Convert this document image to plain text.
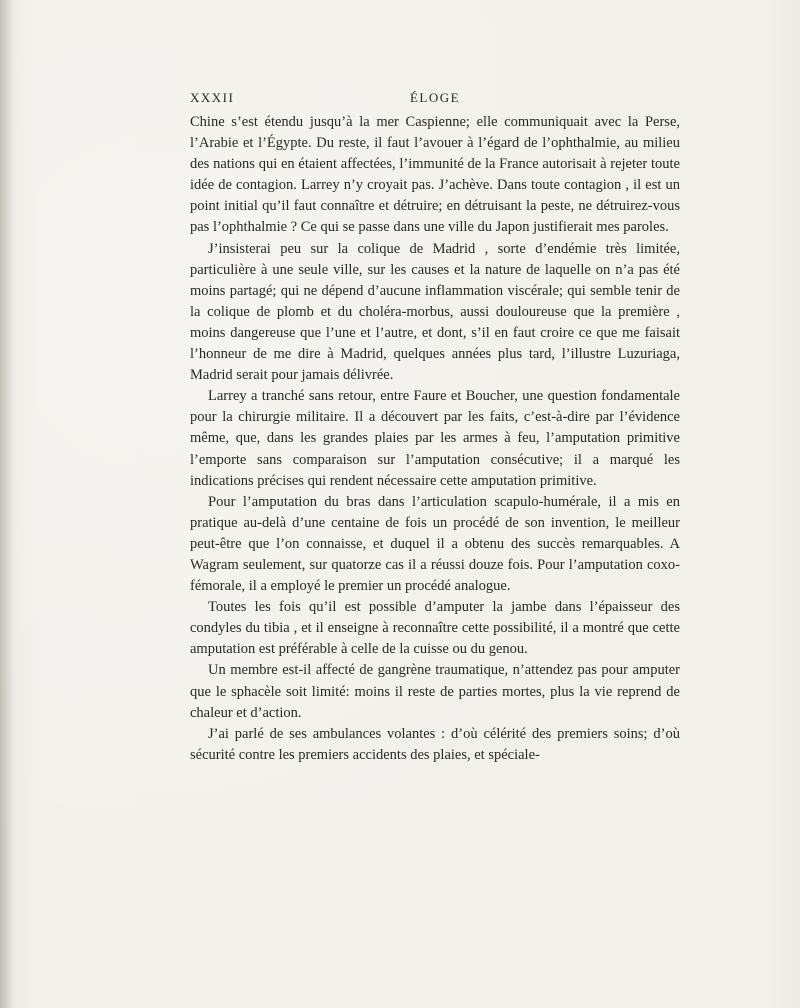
ÉLOGE
XXXII

Chine s’est étendu jusqu’à la mer Caspienne; elle communiquait avec la Perse, l’Arabie et l’Égypte. Du reste, il faut l’avouer à l’égard de l’ophthalmie, au milieu des nations qui en étaient affectées, l’immunité de la France autorisait à rejeter toute idée de contagion. Larrey n’y croyait pas. J’achève. Dans toute contagion , il est un point initial qu’il faut connaître et détruire; en détruisant la peste, ne détruirez-vous pas l’ophthalmie ? Ce qui se passe dans une ville du Japon justifierait mes paroles.

J’insisterai peu sur la colique de Madrid , sorte d’endémie très limitée, particulière à une seule ville, sur les causes et la nature de laquelle on n’a pas été moins partagé; qui ne dépend d’aucune inflammation viscérale; qui semble tenir de la colique de plomb et du choléra-morbus, aussi douloureuse que la première , moins dangereuse que l’une et l’autre, et dont, s’il en faut croire ce que me faisait l’honneur de me dire à Madrid, quelques années plus tard, l’illustre Luzuriaga, Madrid serait pour jamais délivrée.

Larrey a tranché sans retour, entre Faure et Boucher, une question fondamentale pour la chirurgie militaire. Il a découvert par les faits, c’est-à-dire par l’évidence même, que, dans les grandes plaies par les armes à feu, l’amputation primitive l’emporte sans comparaison sur l’amputation consécutive; il a marqué les indications précises qui rendent nécessaire cette amputation primitive.

Pour l’amputation du bras dans l’articulation scapulo-humérale, il a mis en pratique au-delà d’une centaine de fois un procédé de son invention, le meilleur peut-être que l’on connaisse, et duquel il a obtenu des succès remarquables. A Wagram seulement, sur quatorze cas il a réussi douze fois. Pour l’amputation coxo-fémorale, il a employé le premier un procédé analogue.

Toutes les fois qu’il est possible d’amputer la jambe dans l’épaisseur des condyles du tibia , et il enseigne à reconnaître cette possibilité, il a montré que cette amputation est préférable à celle de la cuisse ou du genou.

Un membre est-il affecté de gangrène traumatique, n’attendez pas pour amputer que le sphacèle soit limité: moins il reste de parties mortes, plus la vie reprend de chaleur et d’action.

J’ai parlé de ses ambulances volantes : d’où célérité des premiers soins; d’où sécurité contre les premiers accidents des plaies, et spéciale-
